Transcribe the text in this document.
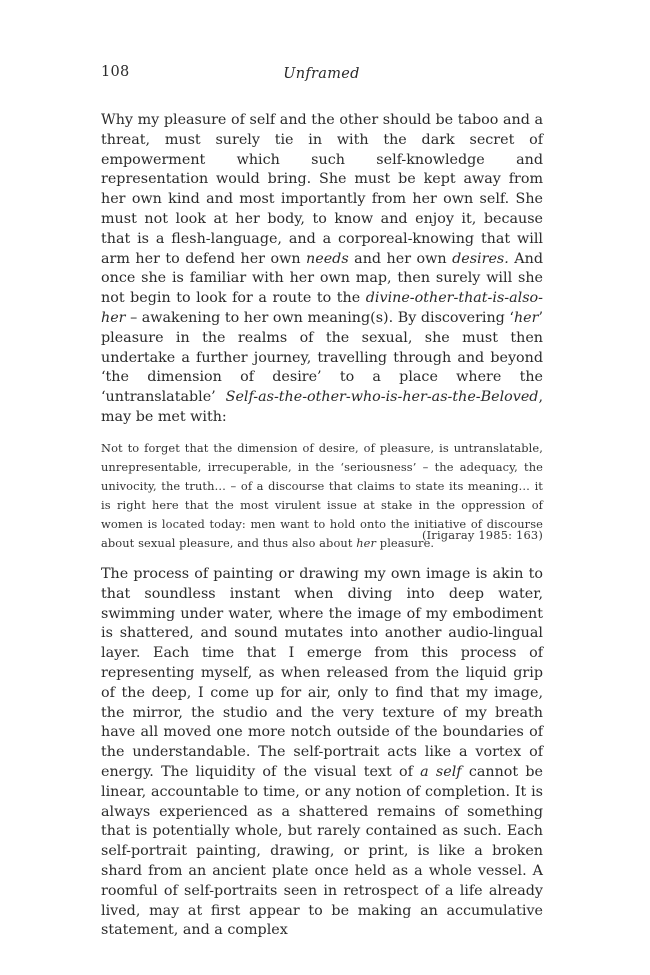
108	Unframed

Why my pleasure of self and the other should be taboo and a threat, must surely tie in with the dark secret of empowerment which such self-knowledge and representation would bring. She must be kept away from her own kind and most importantly from her own self. She must not look at her body, to know and enjoy it, because that is a flesh-language, and a corporeal-knowing that will arm her to defend her own needs and her own desires. And once she is familiar with her own map, then surely will she not begin to look for a route to the divine-other-that-is-also-her – awakening to her own meaning(s). By discovering ‘her’ pleasure in the realms of the sexual, she must then undertake a further journey, travelling through and beyond ‘the dimension of desire’ to a place where the ‘untranslatable’ Self-as-the-other-who-is-her-as-the-Beloved, may be met with:

Not to forget that the dimension of desire, of pleasure, is untranslatable, unrepresentable, irrecuperable, in the ‘seriousness’ – the adequacy, the univocity, the truth… – of a discourse that claims to state its meaning… it is right here that the most virulent issue at stake in the oppression of women is located today: men want to hold onto the initiative of discourse about sexual pleasure, and thus also about her pleasure.

(Irigaray 1985: 163)

The process of painting or drawing my own image is akin to that soundless instant when diving into deep water, swimming under water, where the image of my embodiment is shattered, and sound mutates into another audio-lingual layer. Each time that I emerge from this process of representing myself, as when released from the liquid grip of the deep, I come up for air, only to find that my image, the mirror, the studio and the very texture of my breath have all moved one more notch outside of the boundaries of the understandable. The self-portrait acts like a vortex of energy. The liquidity of the visual text of a self cannot be linear, accountable to time, or any notion of completion. It is always experienced as a shattered remains of something that is potentially whole, but rarely contained as such. Each self-portrait painting, drawing, or print, is like a broken shard from an ancient plate once held as a whole vessel. A roomful of self-portraits seen in retrospect of a life already lived, may at first appear to be making an accumulative statement, and a complex
